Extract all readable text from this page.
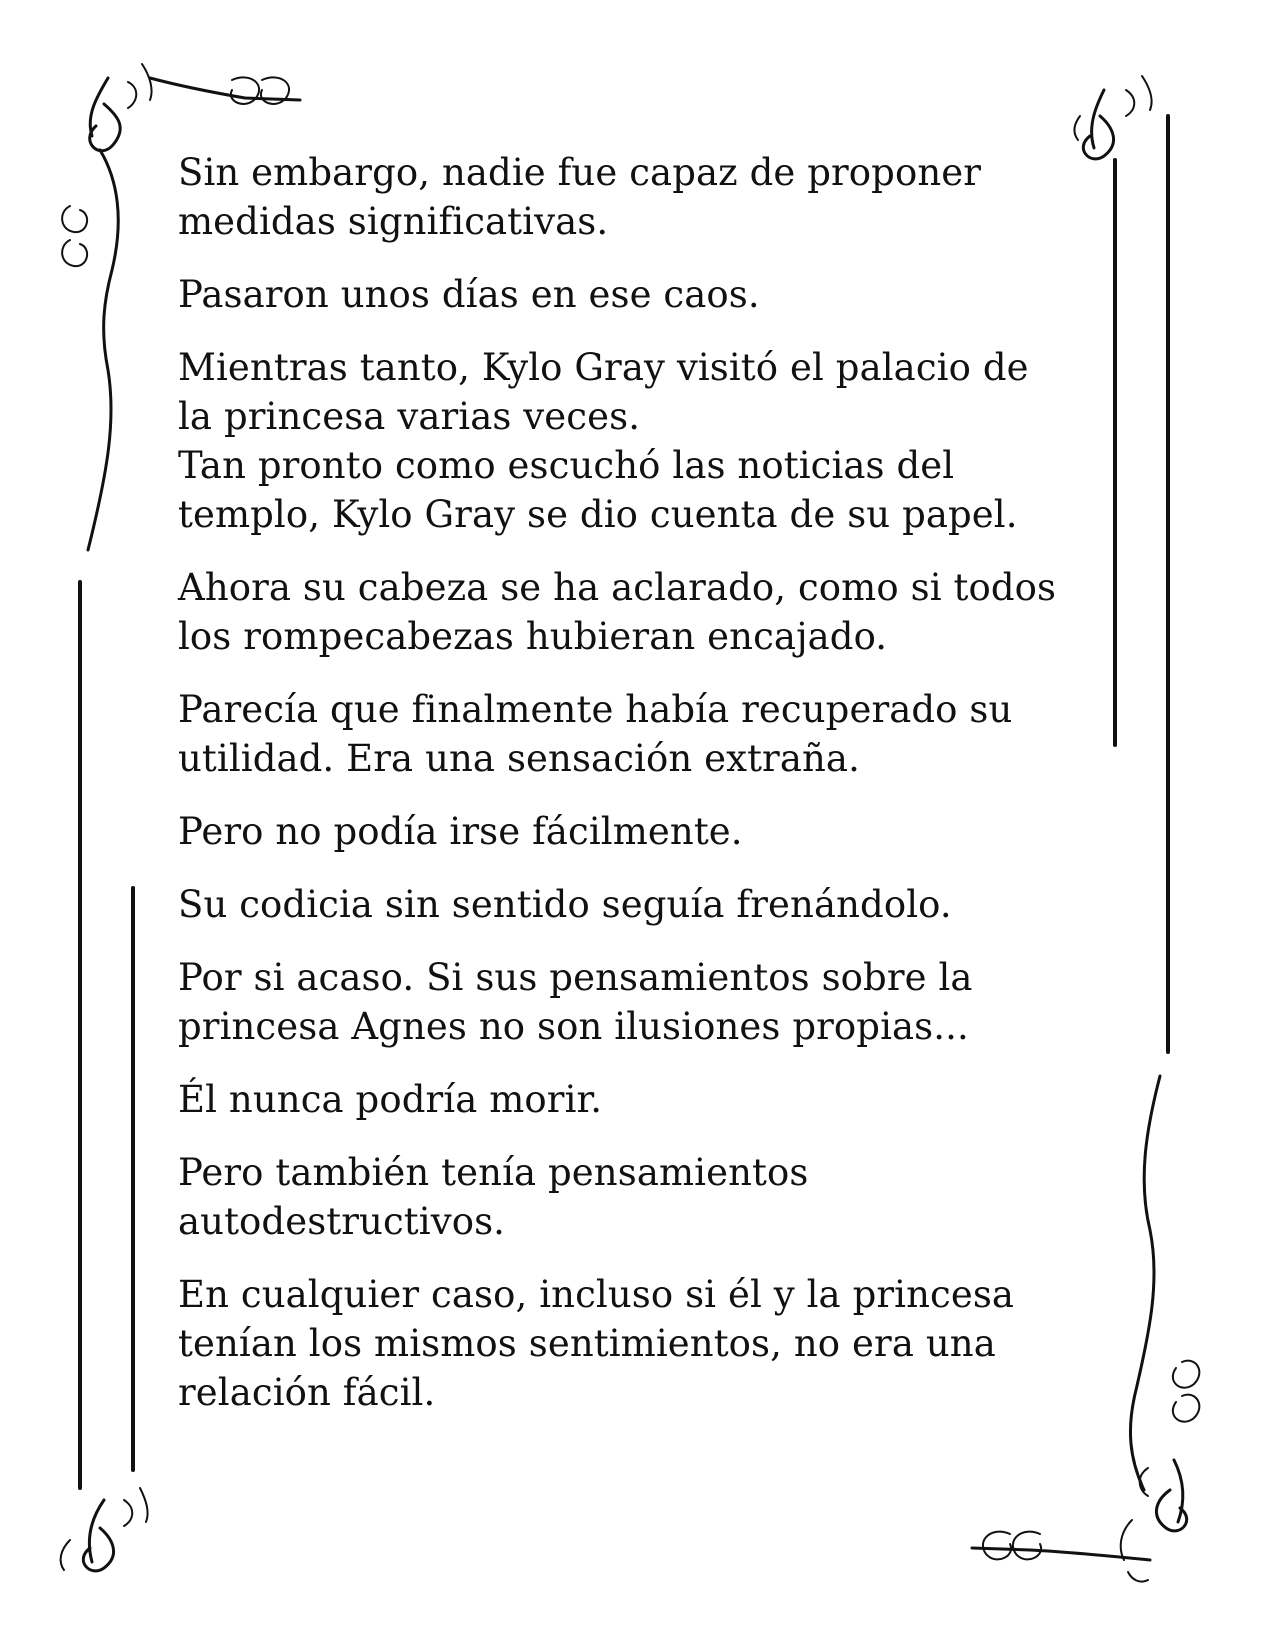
Sin embargo, nadie fue capaz de proponer
medidas significativas.

Pasaron unos días en ese caos.

Mientras tanto, Kylo Gray visitó el palacio de
la princesa varias veces.
Tan pronto como escuchó las noticias del
templo, Kylo Gray se dio cuenta de su papel.

Ahora su cabeza se ha aclarado, como si todos
los rompecabezas hubieran encajado.

Parecía que finalmente había recuperado su
utilidad. Era una sensación extraña.

Pero no podía irse fácilmente.

Su codicia sin sentido seguía frenándolo.

Por si acaso. Si sus pensamientos sobre la
princesa Agnes no son ilusiones propias...

Él nunca podría morir.

Pero también tenía pensamientos
autodestructivos.

En cualquier caso, incluso si él y la princesa
tenían los mismos sentimientos, no era una
relación fácil.
